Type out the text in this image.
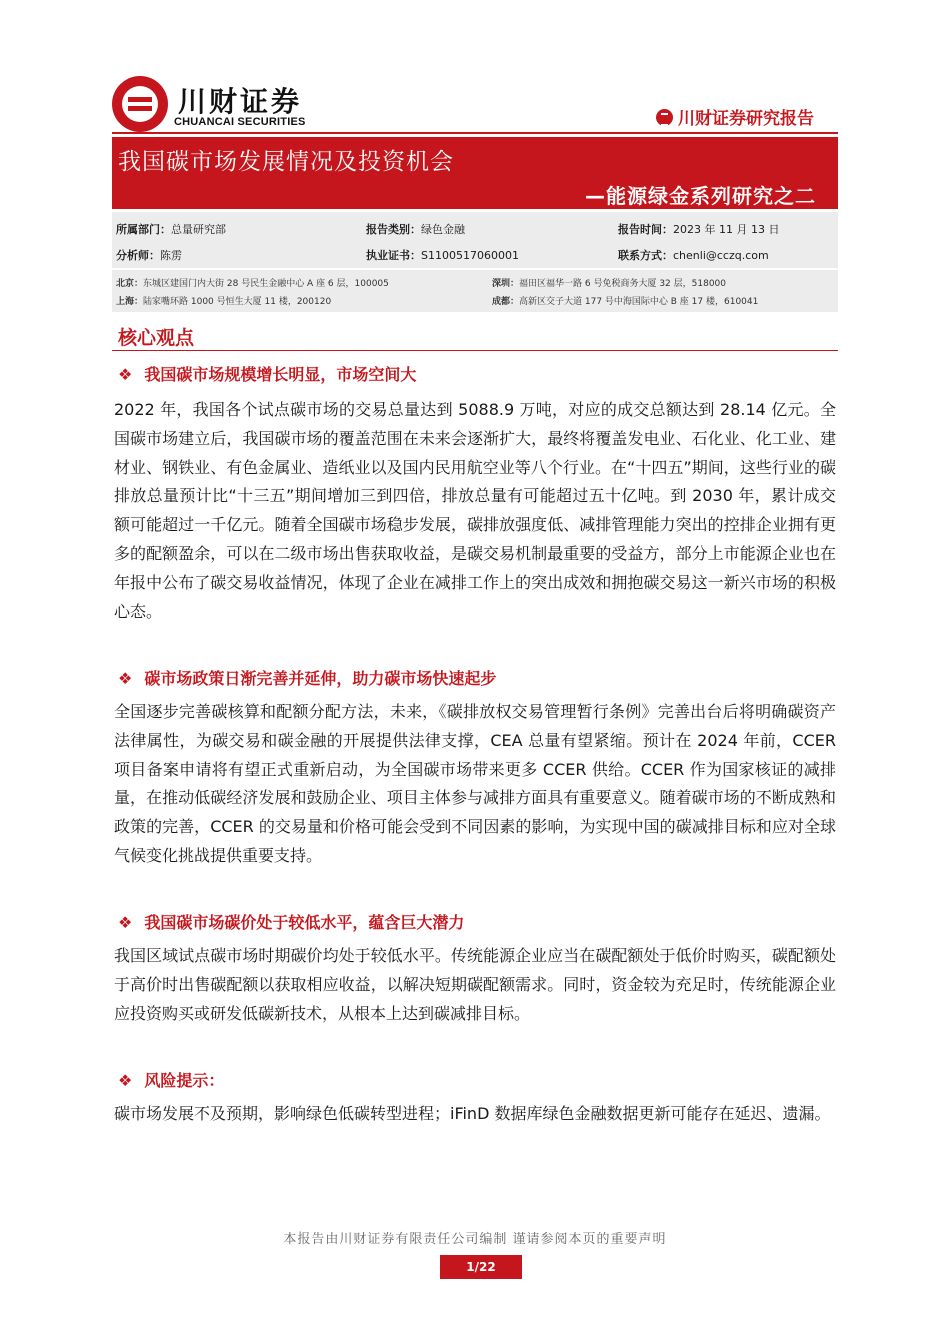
川财证券
CHUANCAI SECURITIES	川财证券研究报告
我国碳市场发展情况及投资机会
—能源绿金系列研究之二
所属部门：总量研究部	报告类别：绿色金融	报告时间：2023 年 11 月 13 日
分析师：陈雳	执业证书：S1100517060001	联系方式：chenli@cczq.com
北京：东城区建国门内大街 28 号民生金融中心 A 座 6 层，100005	深圳：福田区福华一路 6 号免税商务大厦 32 层，518000
上海：陆家嘴环路 1000 号恒生大厦 11 楼，200120	成都：高新区交子大道 177 号中海国际中心 B 座 17 楼，610041
核心观点
❖ 我国碳市场规模增长明显，市场空间大
2022 年，我国各个试点碳市场的交易总量达到 5088.9 万吨，对应的成交总额达到 28.14 亿元。全国碳市场建立后，我国碳市场的覆盖范围在未来会逐渐扩大，最终将覆盖发电业、石化业、化工业、建材业、钢铁业、有色金属业、造纸业以及国内民用航空业等八个行业。在“十四五”期间，这些行业的碳排放总量预计比“十三五”期间增加三到四倍，排放总量有可能超过五十亿吨。到 2030 年，累计成交额可能超过一千亿元。随着全国碳市场稳步发展，碳排放强度低、减排管理能力突出的控排企业拥有更多的配额盈余，可以在二级市场出售获取收益，是碳交易机制最重要的受益方，部分上市能源企业也在年报中公布了碳交易收益情况，体现了企业在减排工作上的突出成效和拥抱碳交易这一新兴市场的积极心态。
❖ 碳市场政策日渐完善并延伸，助力碳市场快速起步
全国逐步完善碳核算和配额分配方法，未来，《碳排放权交易管理暂行条例》完善出台后将明确碳资产法律属性，为碳交易和碳金融的开展提供法律支撑，CEA 总量有望紧缩。预计在 2024 年前，CCER 项目备案申请将有望正式重新启动，为全国碳市场带来更多 CCER 供给。CCER 作为国家核证的减排量，在推动低碳经济发展和鼓励企业、项目主体参与减排方面具有重要意义。随着碳市场的不断成熟和政策的完善，CCER 的交易量和价格可能会受到不同因素的影响，为实现中国的碳减排目标和应对全球气候变化挑战提供重要支持。
❖ 我国碳市场碳价处于较低水平，蕴含巨大潜力
我国区域试点碳市场时期碳价均处于较低水平。传统能源企业应当在碳配额处于低价时购买，碳配额处于高价时出售碳配额以获取相应收益，以解决短期碳配额需求。同时，资金较为充足时，传统能源企业应投资购买或研发低碳新技术，从根本上达到碳减排目标。
❖ 风险提示：
碳市场发展不及预期，影响绿色低碳转型进程；iFinD 数据库绿色金融数据更新可能存在延迟、遗漏。
本报告由川财证券有限责任公司编制 谨请参阅本页的重要声明
1/22
